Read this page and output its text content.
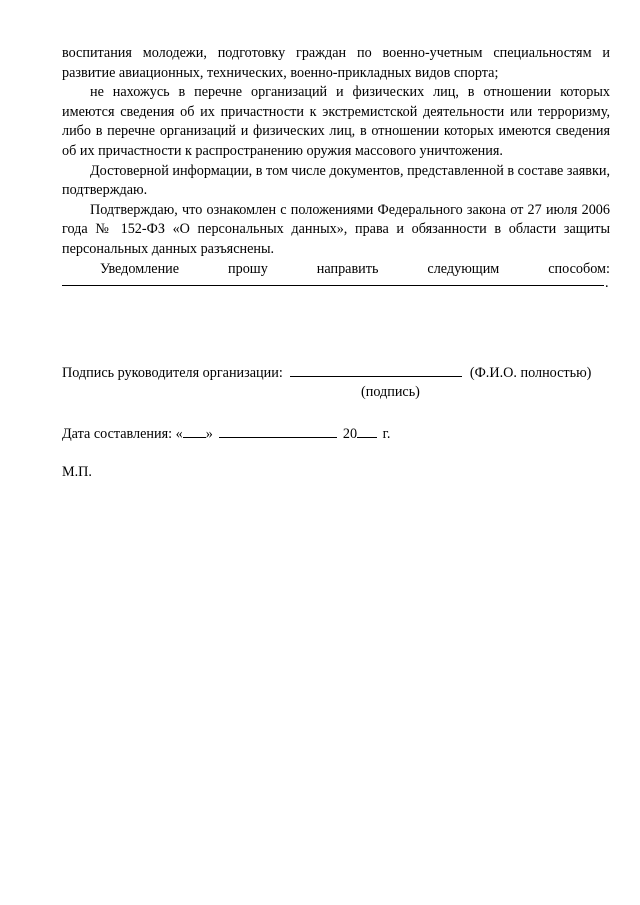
воспитания молодежи, подготовку граждан по военно-учетным специальностям и развитие авиационных, технических, военно-прикладных видов спорта;

не нахожусь в перечне организаций и физических лиц, в отношении которых имеются сведения об их причастности к экстремистской деятельности или терроризму, либо в перечне организаций и физических лиц, в отношении которых имеются сведения об их причастности к распространению оружия массового уничтожения.

Достоверной информации, в том числе документов, представленной в составе заявки, подтверждаю.

Подтверждаю, что ознакомлен с положениями Федерального закона от 27 июля 2006 года № 152-ФЗ «О персональных данных», права и обязанности в области защиты персональных данных разъяснены.

Уведомление	прошу	направить	следующим	способом:
.
Подпись руководителя организации:	(Ф.И.О. полностью)
(подпись)
Дата составления: « »	20 г.
М.П.
